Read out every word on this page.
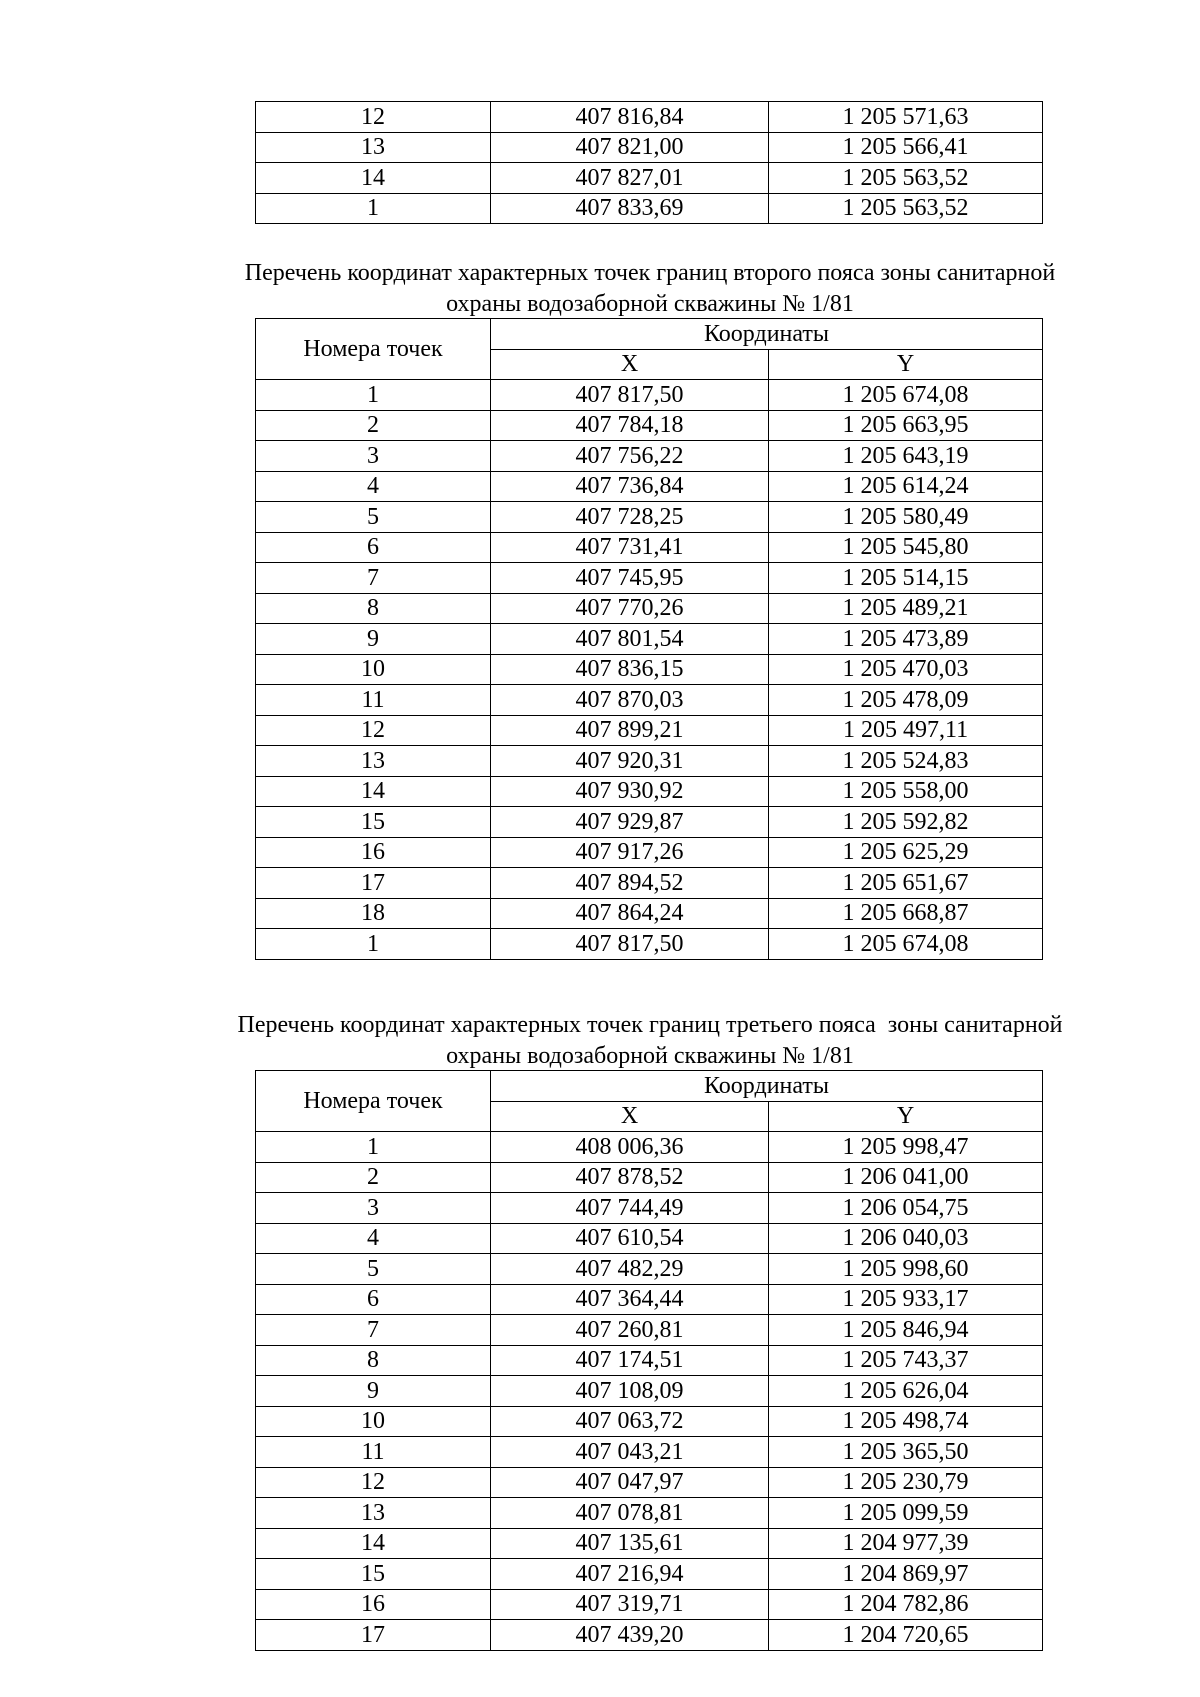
12	407 816,84	1 205 571,63
13	407 821,00	1 205 566,41
14	407 827,01	1 205 563,52
1	407 833,69	1 205 563,52
Перечень координат характерных точек границ второго пояса зоны санитарной
охраны водозаборной скважины № 1/81
Номера точек	Координаты	
	X	Y
1	407 817,50	1 205 674,08
2	407 784,18	1 205 663,95
3	407 756,22	1 205 643,19
4	407 736,84	1 205 614,24
5	407 728,25	1 205 580,49
6	407 731,41	1 205 545,80
7	407 745,95	1 205 514,15
8	407 770,26	1 205 489,21
9	407 801,54	1 205 473,89
10	407 836,15	1 205 470,03
11	407 870,03	1 205 478,09
12	407 899,21	1 205 497,11
13	407 920,31	1 205 524,83
14	407 930,92	1 205 558,00
15	407 929,87	1 205 592,82
16	407 917,26	1 205 625,29
17	407 894,52	1 205 651,67
18	407 864,24	1 205 668,87
1	407 817,50	1 205 674,08
Перечень координат характерных точек границ третьего пояса  зоны санитарной
охраны водозаборной скважины № 1/81
Номера точек	Координаты	
	X	Y
1	408 006,36	1 205 998,47
2	407 878,52	1 206 041,00
3	407 744,49	1 206 054,75
4	407 610,54	1 206 040,03
5	407 482,29	1 205 998,60
6	407 364,44	1 205 933,17
7	407 260,81	1 205 846,94
8	407 174,51	1 205 743,37
9	407 108,09	1 205 626,04
10	407 063,72	1 205 498,74
11	407 043,21	1 205 365,50
12	407 047,97	1 205 230,79
13	407 078,81	1 205 099,59
14	407 135,61	1 204 977,39
15	407 216,94	1 204 869,97
16	407 319,71	1 204 782,86
17	407 439,20	1 204 720,65
